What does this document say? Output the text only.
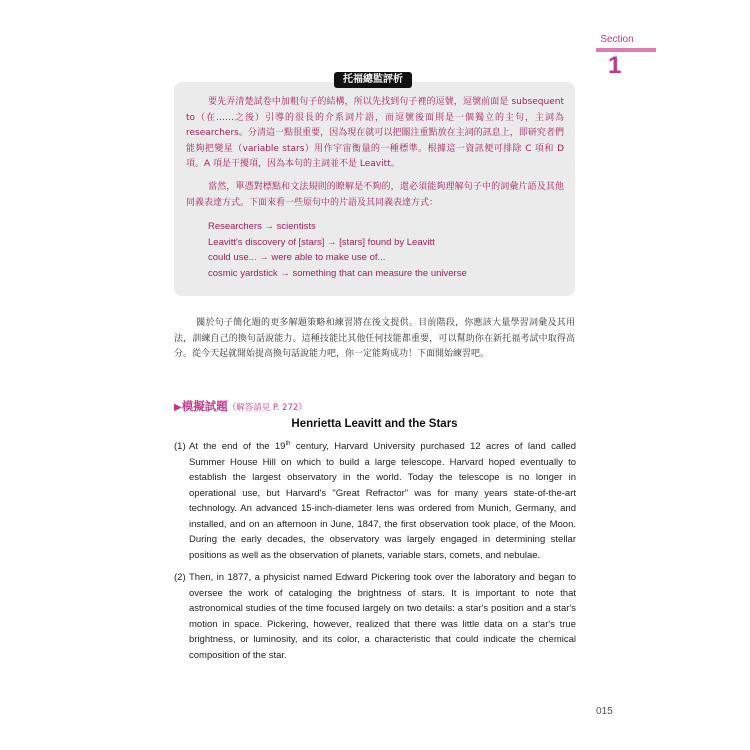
Section
1
托福總監評析

要先弄清楚試卷中加粗句子的結構，所以先找到句子裡的逗號，逗號前面是 subsequent to（在……之後）引導的很長的介系詞片語，而逗號後面則是一個獨立的主句，主詞為 researchers。分清這一點很重要，因為現在就可以把關注重點放在主詞的訊息上，即研究者們能夠把變星（variable stars）用作宇宙衡量的一種標準。根據這一資訊便可排除 C 項和 D 項。A 項是干擾項，因為本句的主詞並不是 Leavitt。

當然，單憑對標點和文法規則的瞭解是不夠的，還必須能夠理解句子中的詞彙片語及其他同義表達方式。下面來看一些原句中的片語及其同義表達方式：

Researchers → scientists
Leavitt's discovery of [stars] → [stars] found by Leavitt
could use... → were able to make use of...
cosmic yardstick → something that can measure the universe

關於句子簡化題的更多解題策略和練習將在後文提供。目前階段，你應該大量學習詞彙及其用法，訓練自己的換句話說能力。這種技能比其他任何技能都重要，可以幫助你在新托福考試中取得高分。從今天起就開始提高換句話說能力吧，你一定能夠成功！下面開始練習吧。

▶模擬試題（解答請見 P. 272）
Henrietta Leavitt and the Stars
(1) At the end of the 19th century, Harvard University purchased 12 acres of land called Summer House Hill on which to build a large telescope. Harvard hoped eventually to establish the largest observatory in the world. Today the telescope is no longer in operational use, but Harvard's "Great Refractor" was for many years state-of-the-art technology. An advanced 15-inch-diameter lens was ordered from Munich, Germany, and installed, and on an afternoon in June, 1847, the first observation took place, of the Moon. During the early decades, the observatory was largely engaged in determining stellar positions as well as the observation of planets, variable stars, comets, and nebulae.
(2) Then, in 1877, a physicist named Edward Pickering took over the laboratory and began to oversee the work of cataloging the brightness of stars. It is important to note that astronomical studies of the time focused largely on two details: a star's position and a star's motion in space. Pickering, however, realized that there was little data on a star's true brightness, or luminosity, and its color, a characteristic that could indicate the chemical composition of the star.
015
